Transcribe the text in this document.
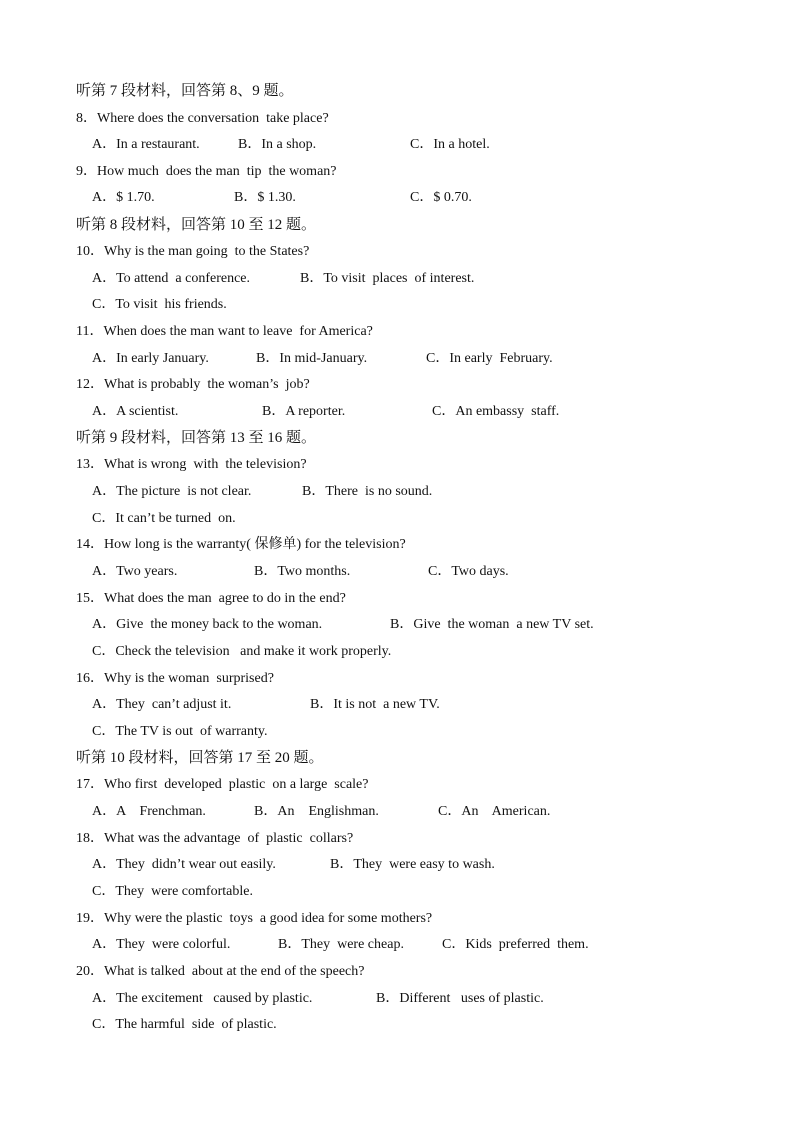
听第 7 段材料，回答第 8、9 题。
8．Where does the conversation  take place?
A．In a restaurant.	B．In a shop.	C．In a hotel.
9．How much  does the man  tip  the woman?
A．$ 1.70.	B．$ 1.30.	C．$ 0.70.
听第 8 段材料，回答第 10 至 12 题。
10．Why is the man going  to the States?
A．To attend  a conference.	B．To visit  places  of interest.
C．To visit  his friends.
11．When does the man want to leave  for America?
A．In early January.	B．In mid-January.	C．In early  February.
12．What is probably  the woman’s  job?
A．A scientist.	B．A reporter.	C．An embassy  staff.
听第 9 段材料，回答第 13 至 16 题。
13．What is wrong  with  the television?
A．The picture  is not clear.	B．There  is no sound.
C．It can’t be turned  on.
14．How long is the warranty( 保修单) for the television?
A．Two years.	B．Two months.	C．Two days.
15．What does the man  agree to do in the end?
A．Give  the money back to the woman.	B．Give  the woman  a new TV set.
C．Check the television   and make it work properly.
16．Why is the woman  surprised?
A．They  can’t adjust it.	B．It is not  a new TV.
C．The TV is out  of warranty.
听第 10 段材料，回答第 17 至 20 题。
17．Who first  developed  plastic  on a large  scale?
A．A    Frenchman.	B．An    Englishman.	C．An    American.
18．What was the advantage  of  plastic  collars?
A．They  didn’t wear out easily.	B．They  were easy to wash.
C．They  were comfortable.
19．Why were the plastic  toys  a good idea for some mothers?
A．They  were colorful.	B．They  were cheap.	C．Kids  preferred  them.
20．What is talked  about at the end of the speech?
A．The excitement   caused by plastic.	B．Different   uses of plastic.
C．The harmful  side  of plastic.
